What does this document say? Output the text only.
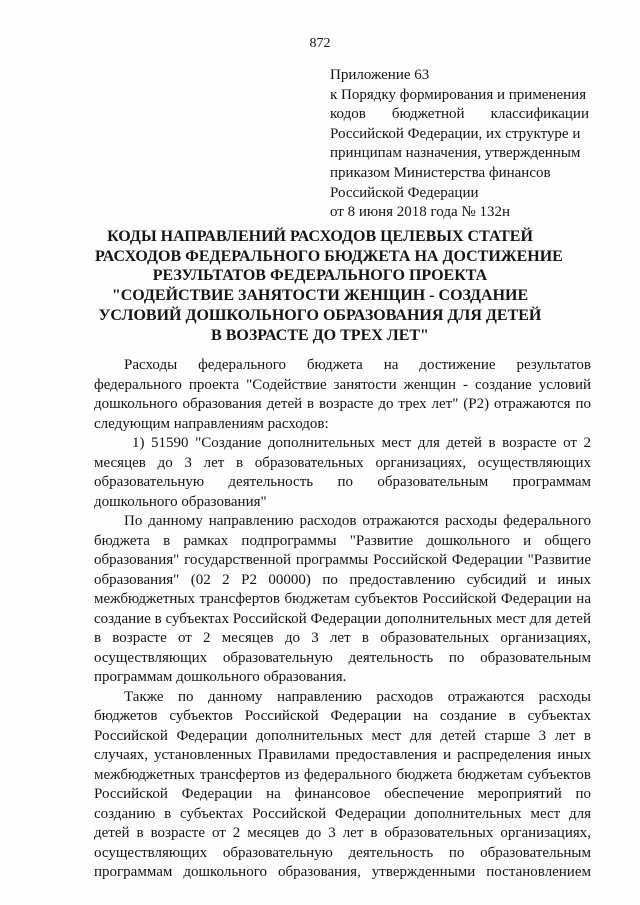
872
Приложение 63
к Порядку формирования и применения
кодов бюджетной классификации
Российской Федерации, их структуре и
принципам назначения, утвержденным
приказом Министерства финансов
Российской Федерации
от 8 июня 2018 года № 132н
КОДЫ НАПРАВЛЕНИЙ РАСХОДОВ ЦЕЛЕВЫХ СТАТЕЙ
РАСХОДОВ ФЕДЕРАЛЬНОГО БЮДЖЕТА НА ДОСТИЖЕНИЕ
РЕЗУЛЬТАТОВ ФЕДЕРАЛЬНОГО ПРОЕКТА
"СОДЕЙСТВИЕ ЗАНЯТОСТИ ЖЕНЩИН - СОЗДАНИЕ
УСЛОВИЙ ДОШКОЛЬНОГО ОБРАЗОВАНИЯ ДЛЯ ДЕТЕЙ
В ВОЗРАСТЕ ДО ТРЕХ ЛЕТ"
Расходы федерального бюджета на достижение результатов
федерального проекта "Содействие занятости женщин - создание условий
дошкольного образования детей в возрасте до трех лет" (Р2) отражаются по
следующим направлениям расходов:
1) 51590 "Создание дополнительных мест для детей в возрасте от 2
месяцев до 3 лет в образовательных организациях, осуществляющих
образовательную деятельность по образовательным программам
дошкольного образования"
По данному направлению расходов отражаются расходы федерального
бюджета в рамках подпрограммы "Развитие дошкольного и общего
образования" государственной программы Российской Федерации "Развитие
образования" (02 2 Р2 00000) по предоставлению субсидий и иных
межбюджетных трансфертов бюджетам субъектов Российской Федерации на
создание в субъектах Российской Федерации дополнительных мест для детей
в возрасте от 2 месяцев до 3 лет в образовательных организациях,
осуществляющих образовательную деятельность по образовательным
программам дошкольного образования.
Также по данному направлению расходов отражаются расходы
бюджетов субъектов Российской Федерации на создание в субъектах
Российской Федерации дополнительных мест для детей старше 3 лет в
случаях, установленных Правилами предоставления и распределения иных
межбюджетных трансфертов из федерального бюджета бюджетам субъектов
Российской Федерации на финансовое обеспечение мероприятий по
созданию в субъектах Российской Федерации дополнительных мест для
детей в возрасте от 2 месяцев до 3 лет в образовательных организациях,
осуществляющих образовательную деятельность по образовательным
программам дошкольного образования, утвержденными постановлением
